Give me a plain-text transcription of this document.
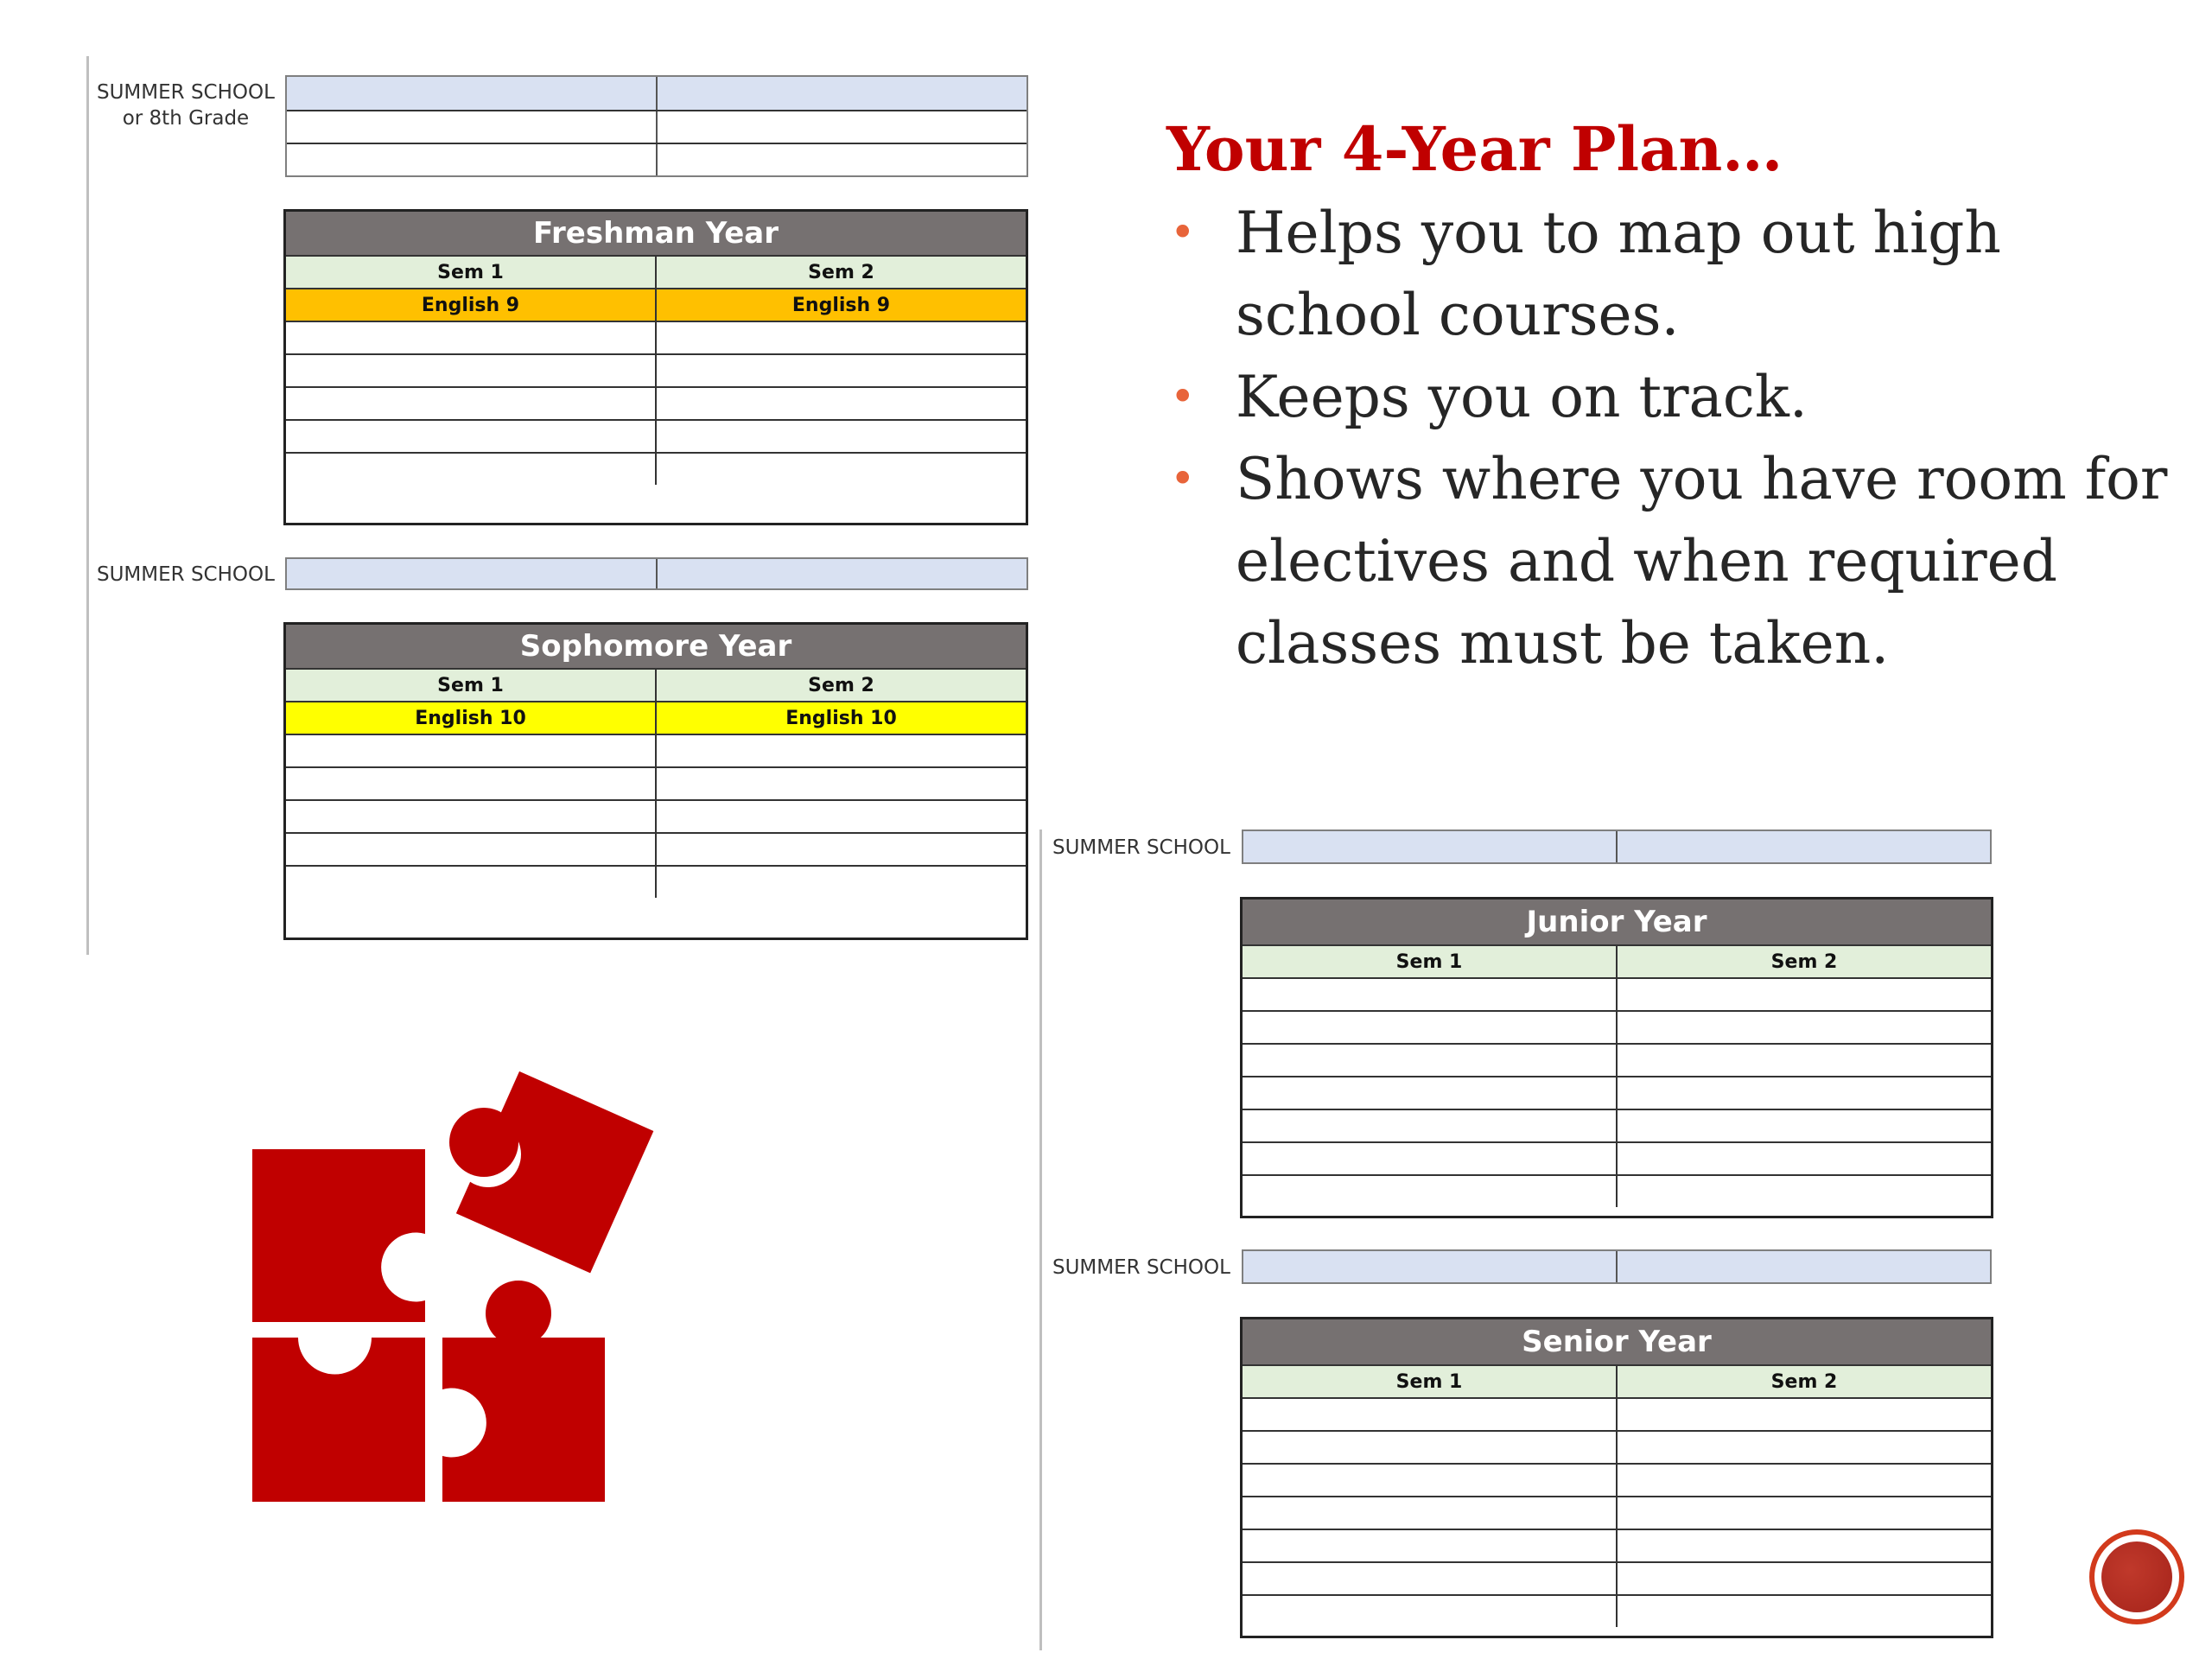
SUMMER SCHOOL
or 8th Grade
Freshman Year
Sem 1	Sem 2
English 9	English 9
SUMMER SCHOOL
Sophomore Year
Sem 1	Sem 2
English 10	English 10
Your 4-Year Plan…
• Helps you to map out high school courses.
• Keeps you on track.
• Shows where you have room for electives and when required classes must be taken.
SUMMER SCHOOL
Junior Year
Sem 1	Sem 2
SUMMER SCHOOL
Senior Year
Sem 1	Sem 2
